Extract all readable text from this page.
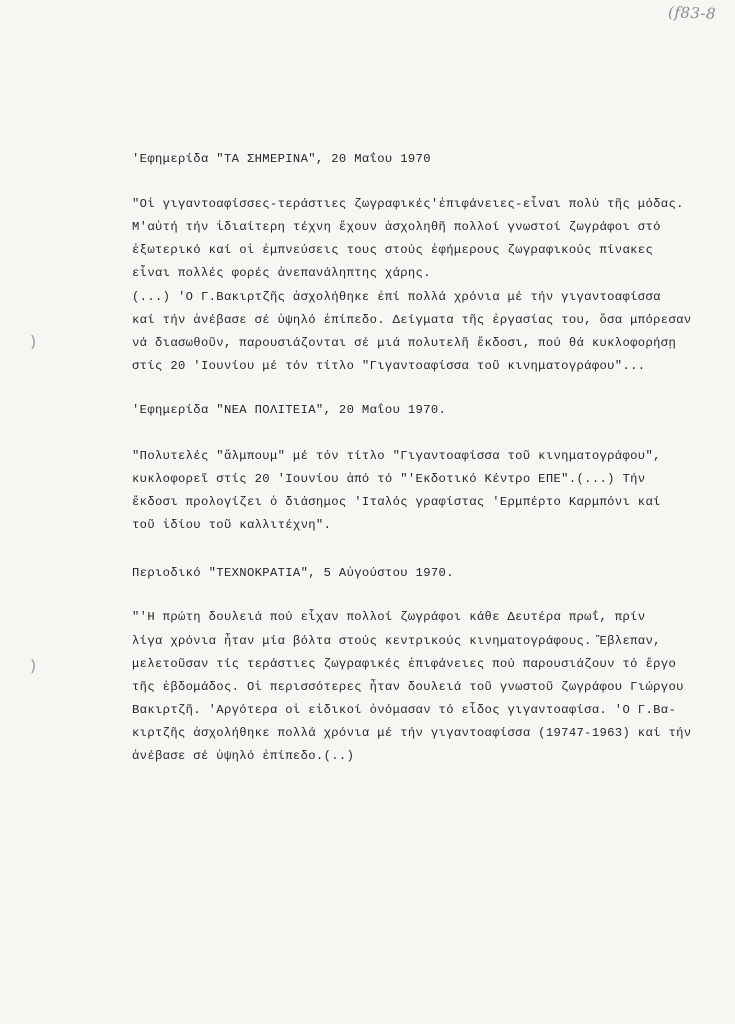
(f83-8
)
)
'Εφημερίδα "ΤΑ ΣΗΜΕΡΙΝΑ", 20 Μαΐου 1970
"Οἱ γιγαντοαφίσσες-τεράστιες ζωγραφικές'ἐπιφάνειες-εἶναι πολύ τῆς μόδας.
Μ'αὐτή τήν ἰδιαίτερη τέχνη ἔχουν ἀσχοληθῆ πολλοί γνωστοί ζωγράφοι στό
ἐξωτερικό καί οἱ ἐμπνεύσεις τους στούς ἐφήμερους ζωγραφικούς πίνακες
εἶναι πολλές φορές ἀνεπανάληπτης χάρης.
(...) 'Ο Γ.Βακιρτζῆς ἀσχολήθηκε ἐπί πολλά χρόνια μέ τήν γιγαντοαφίσσα
καί τήν ἀνέβασε σέ ὑψηλό ἐπίπεδο. Δείγματα τῆς ἐργασίας του, ὅσα μπόρεσαν
νά διασωθοῦν, παρουσιάζονται σέ μιά πολυτελῆ ἔκδοσι, πού θά κυκλοφορήσῃ
στίς 20 'Ιουνίου μέ τόν τίτλο "Γιγαντοαφίσσα τοῦ κινηματογράφου"...
'Εφημερίδα "ΝΕΑ ΠΟΛΙΤΕΙΑ", 20 Μαΐου 1970.
"Πολυτελές "ἄλμπουμ" μέ τόν τίτλο "Γιγαντοαφίσσα τοῦ κινηματογράφου",
κυκλοφορεῖ στίς 20 'Ιουνίου ἀπό τό "'Εκδοτικό Κέντρο ΕΠΕ".(...) Τήν
ἔκδοσι προλογίζει ὁ διάσημος 'Ιταλός γραφίστας 'Ερμπέρτο Καρμπόνι καί
τοῦ ἰδίου τοῦ καλλιτέχνη".
Περιοδικό "ΤΕΧΝΟΚΡΑΤΙΑ", 5 Αὐγούστου 1970.
"'Η πρώτη δουλειά πού εἶχαν πολλοί ζωγράφοι κάθε Δευτέρα πρωΐ, πρίν
λίγα χρόνια ἦταν μία βόλτα στούς κεντρικούς κινηματογράφους. Ἔβλεπαν,
μελετοῦσαν τίς τεράστιες ζωγραφικές ἐπιφάνειες πού παρουσιάζουν τό ἔργο
τῆς ἑβδομάδος. Οἱ περισσότερες ἦταν δουλειά τοῦ γνωστοῦ ζωγράφου Γιώργου
Βακιρτζῆ. 'Αργότερα οἱ εἰδικοί ὀνόμασαν τό εἶδος γιγαντοαφίσα. 'Ο Γ.Βα-
κιρτζῆς ἀσχολήθηκε πολλά χρόνια μέ τήν γιγαντοαφίσσα (19747-1963) καί τήν
ἀνέβασε σέ ὑψηλό ἐπίπεδο.(..)
